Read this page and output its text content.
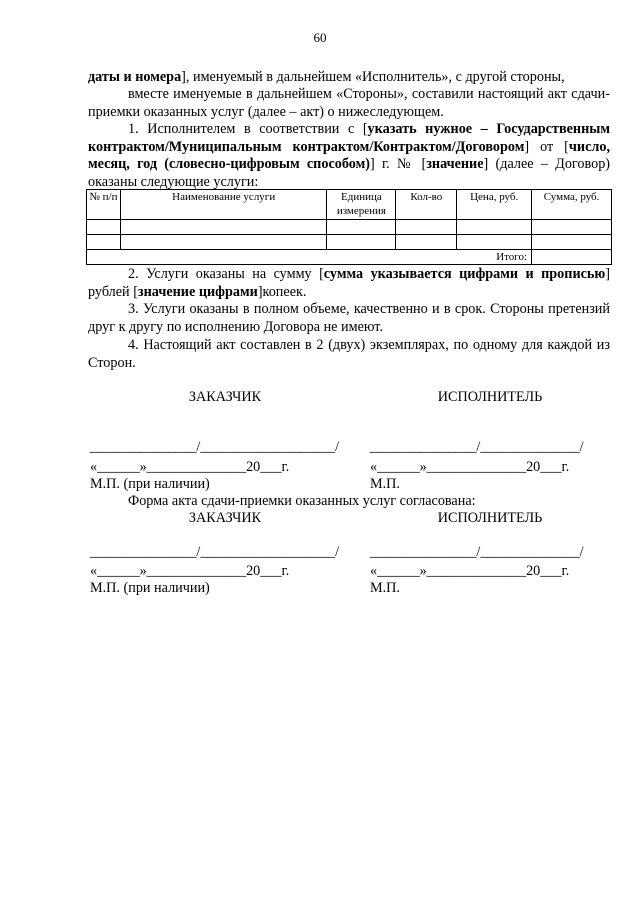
60

даты и номера], именуемый в дальнейшем «Исполнитель», с другой стороны,

вместе именуемые в дальнейшем «Стороны», составили настоящий акт сдачи-приемки оказанных услуг (далее – акт) о нижеследующем.

1. Исполнителем в соответствии с [указать нужное – Государственным контрактом/Муниципальным контрактом/Контрактом/Договором] от [число, месяц, год (словесно-цифровым способом)] г. № [значение] (далее – Договор) оказаны следующие услуги:

№ п/п	Наименование услуги	Единица измерения	Кол-во	Цена, руб.	Сумма, руб.

Итого:					

2. Услуги оказаны на сумму [сумма указывается цифрами и прописью] рублей [значение цифрами]копеек.

3. Услуги оказаны в полном объеме, качественно и в срок. Стороны претензий друг к другу по исполнению Договора не имеют.

4. Настоящий акт составлен в 2 (двух) экземплярах, по одному для каждой из Сторон.

ЗАКАЗЧИК	ИСПОЛНИТЕЛЬ
_______________/___________________/ _______________/______________/
«______»______________20___г.	«______»______________20___г.
М.П. (при наличии)	М.П.
Форма акта сдачи-приемки оказанных услуг согласована:
ЗАКАЗЧИК	ИСПОЛНИТЕЛЬ
_______________/___________________/ _______________/______________/
«______»______________20___г.	«______»______________20___г.
М.П. (при наличии)	М.П.
